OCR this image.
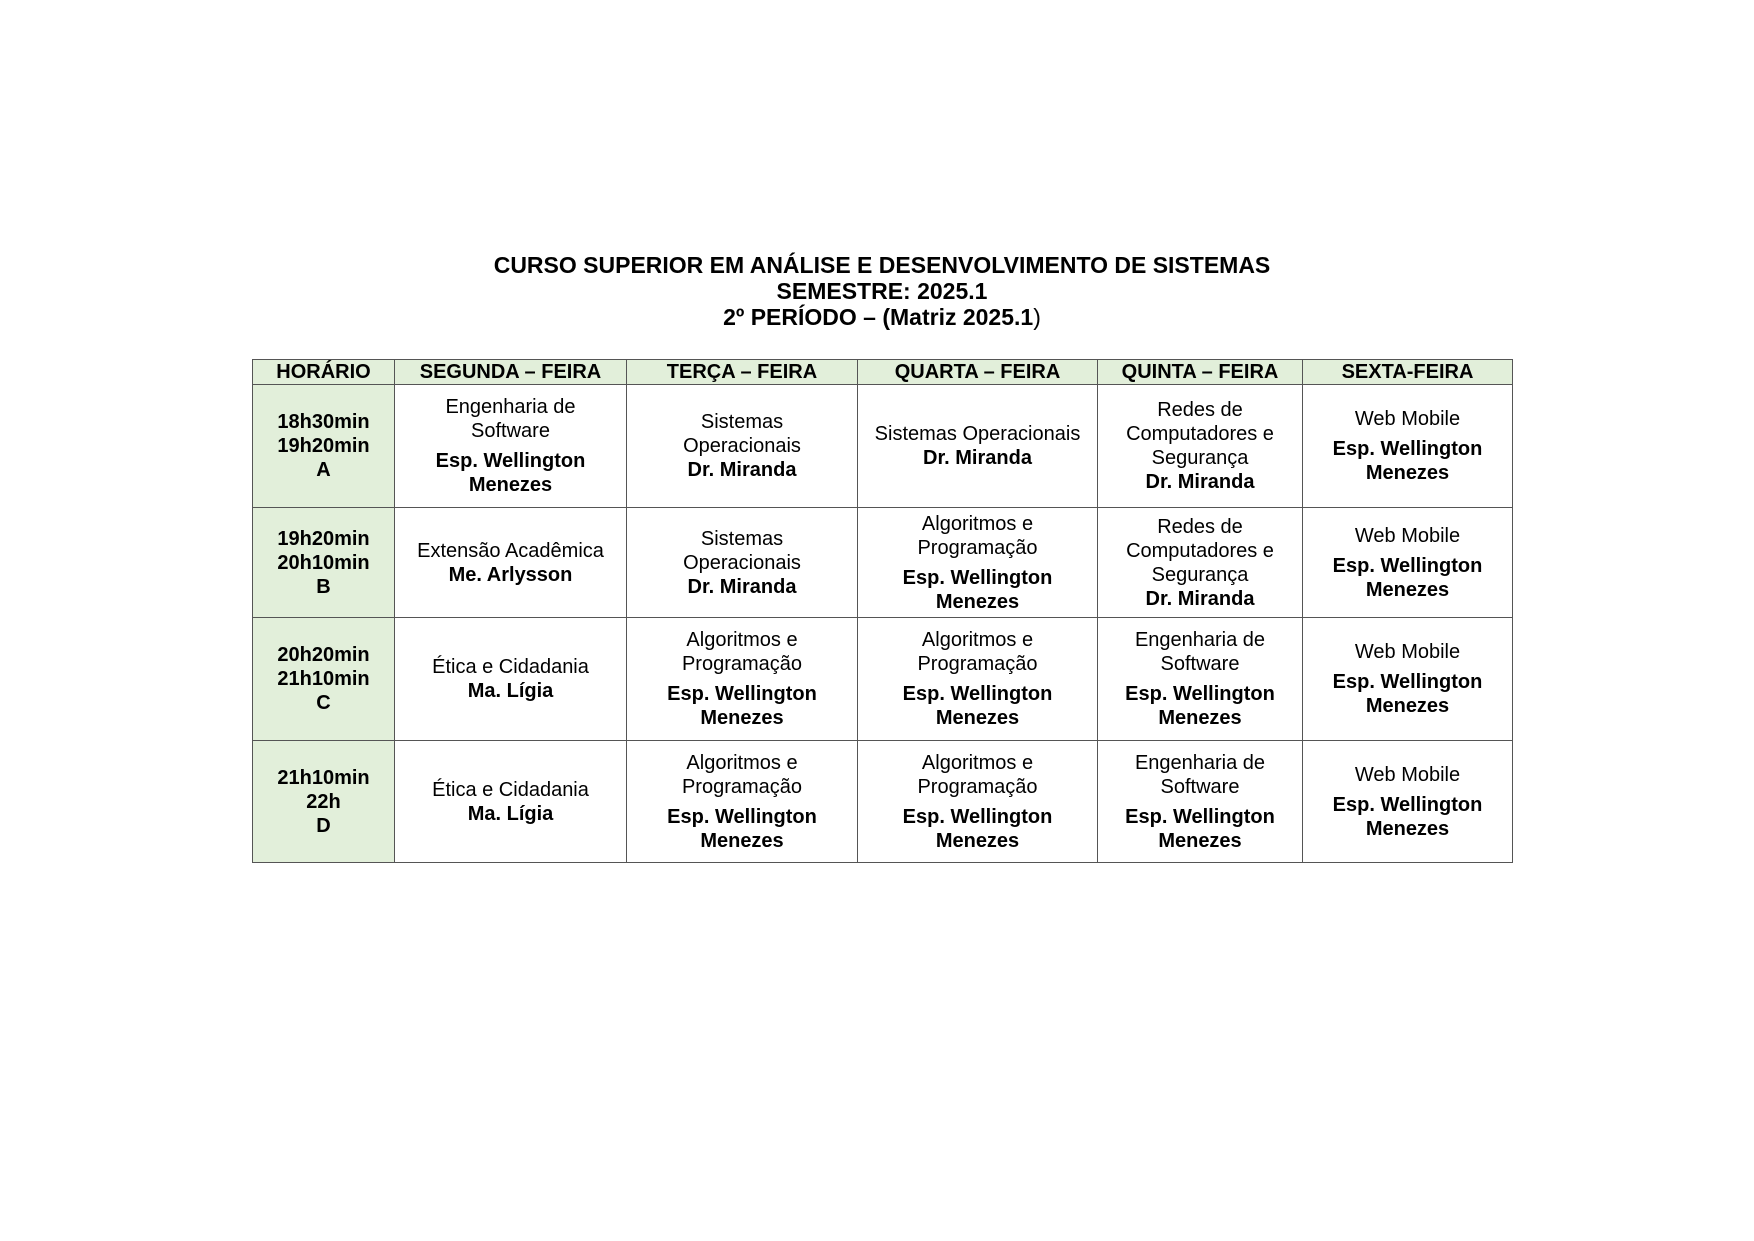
CURSO SUPERIOR EM ANÁLISE E DESENVOLVIMENTO DE SISTEMAS
SEMESTRE: 2025.1
2º PERÍODO – (Matriz 2025.1)
HORÁRIO	SEGUNDA – FEIRA	TERÇA – FEIRA	QUARTA – FEIRA	QUINTA – FEIRA	SEXTA-FEIRA

18h30min
19h20min
A	Engenharia de
Software
Esp. Wellington
Menezes	Sistemas
Operacionais
Dr. Miranda	Sistemas Operacionais
Dr. Miranda	Redes de
Computadores e
Segurança
Dr. Miranda	Web Mobile
Esp. Wellington
Menezes

19h20min
20h10min
B	Extensão Acadêmica
Me. Arlysson	Sistemas
Operacionais
Dr. Miranda	Algoritmos e
Programação
Esp. Wellington
Menezes	Redes de
Computadores e
Segurança
Dr. Miranda	Web Mobile
Esp. Wellington
Menezes

20h20min
21h10min
C	Ética e Cidadania
Ma. Lígia	Algoritmos e
Programação
Esp. Wellington
Menezes	Algoritmos e
Programação
Esp. Wellington
Menezes	Engenharia de
Software
Esp. Wellington
Menezes	Web Mobile
Esp. Wellington
Menezes

21h10min
22h
D	Ética e Cidadania
Ma. Lígia	Algoritmos e
Programação
Esp. Wellington
Menezes	Algoritmos e
Programação
Esp. Wellington
Menezes	Engenharia de
Software
Esp. Wellington
Menezes	Web Mobile
Esp. Wellington
Menezes
